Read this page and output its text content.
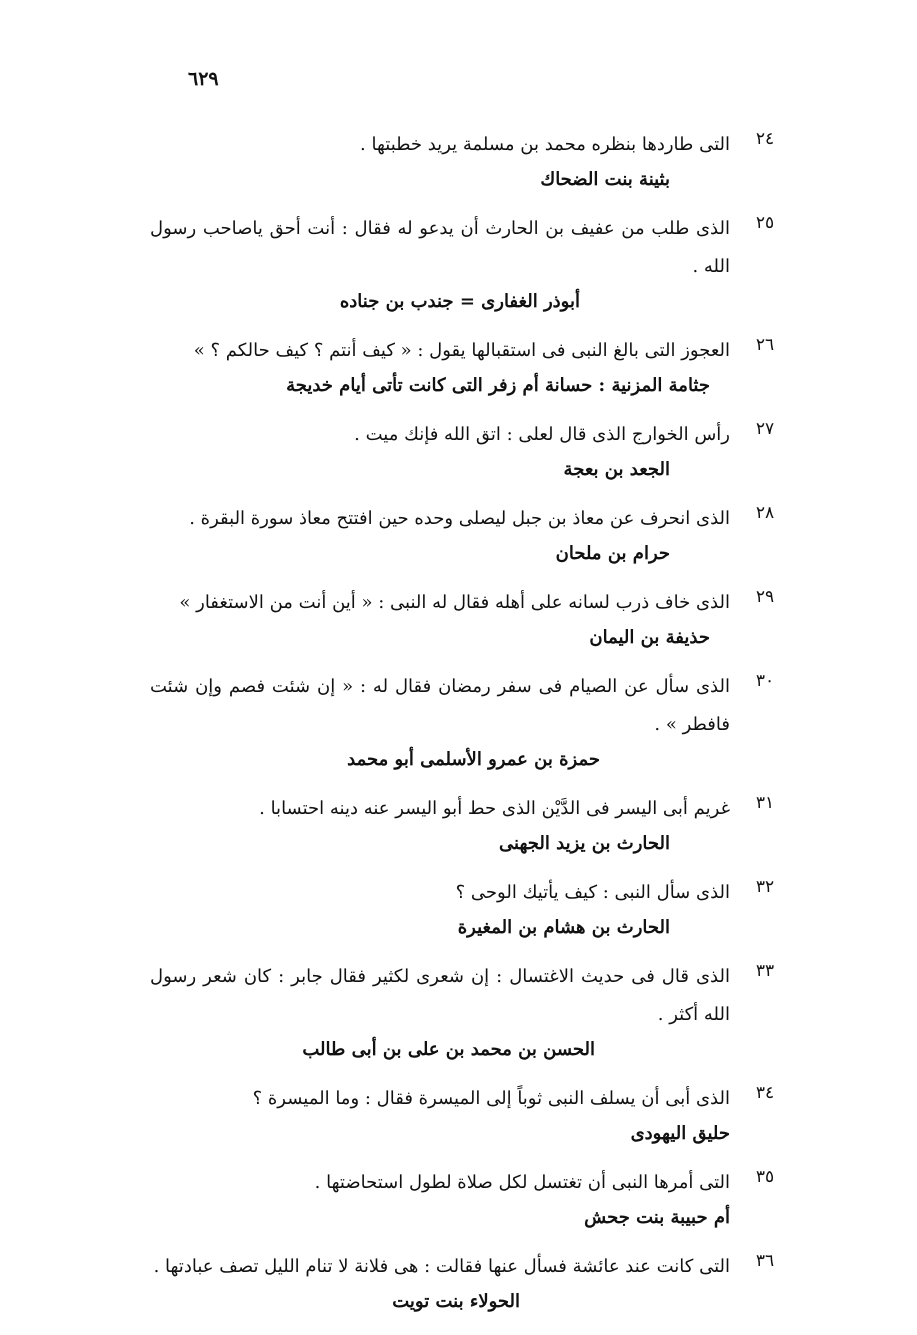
٦٢٩
٢٤
التى طاردها بنظره محمد بن مسلمة يريد خطبتها .
بثينة بنت الضحاك
٢٥
الذى طلب من عفيف بن الحارث أن يدعو له فقال : أنت أحق ياصاحب رسول الله .
أبوذر الغفارى = جندب بن جناده
٢٦
العجوز التى بالغ النبى فى استقبالها يقول : « كيف أنتم ؟ كيف حالكم ؟ »
جثامة المزنية : حسانة أم زفر التى كانت تأتى أيام خديجة
٢٧
رأس الخوارج الذى قال لعلى : اتق الله فإنك ميت .
الجعد بن بعجة
٢٨
الذى انحرف عن معاذ بن جبل ليصلى وحده حين افتتح معاذ سورة البقرة .
حرام بن ملحان
٢٩
الذى خاف ذرب لسانه على أهله فقال له النبى : « أين أنت من الاستغفار »
حذيفة بن اليمان
٣٠
الذى سأل عن الصيام فى سفر رمضان فقال له : « إن شئت فصم وإن شئت فافطر » .
حمزة بن عمرو الأسلمى أبو محمد
٣١
غريم أبى اليسر فى الدَّيْن الذى حط أبو اليسر عنه دينه احتسابا .
الحارث بن يزيد الجهنى
٣٢
الذى سأل النبى : كيف يأتيك الوحى ؟
الحارث بن هشام بن المغيرة
٣٣
الذى قال فى حديث الاغتسال : إن شعرى لكثير فقال جابر : كان شعر رسول الله أكثر .
الحسن بن محمد بن على بن أبى طالب
٣٤
الذى أبى أن يسلف النبى ثوباً إلى الميسرة فقال : وما الميسرة ؟
حليق اليهودى
٣٥
التى أمرها النبى أن تغتسل لكل صلاة لطول استحاضتها .
أم حبيبة بنت جحش
٣٦
التى كانت عند عائشة فسأل عنها فقالت : هى فلانة لا تنام الليل تصف عبادتها .
الحولاء بنت تويت
